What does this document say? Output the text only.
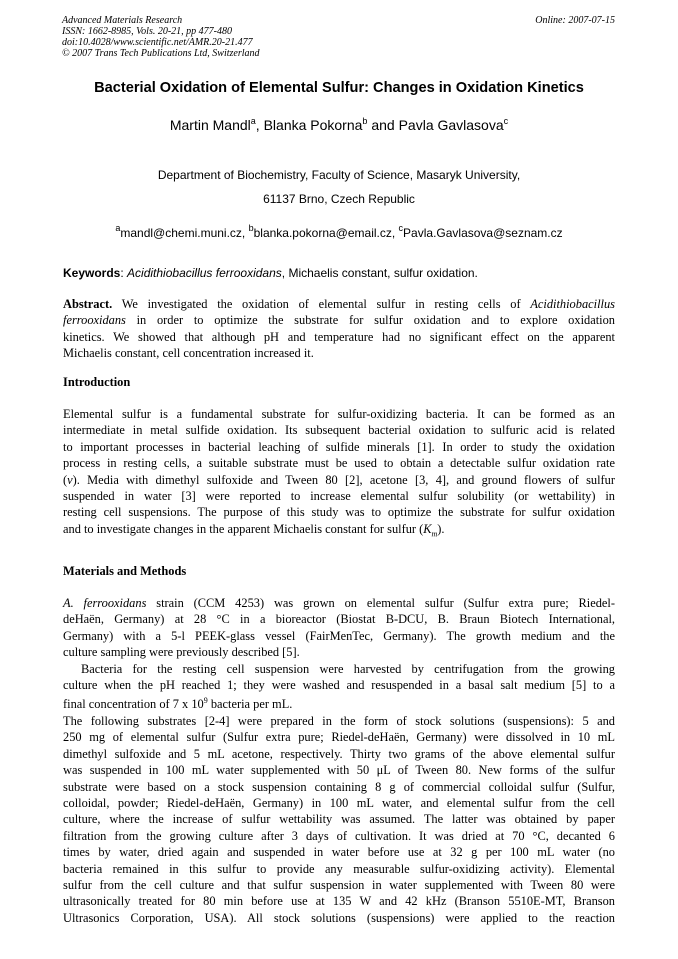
Advanced Materials Research
ISSN: 1662-8985, Vols. 20-21, pp 477-480
doi:10.4028/www.scientific.net/AMR.20-21.477
© 2007 Trans Tech Publications Ltd, Switzerland
Online: 2007-07-15
Bacterial Oxidation of Elemental Sulfur: Changes in Oxidation Kinetics
Martin Mandl$^a$, Blanka Pokorna$^b$ and Pavla Gavlasova$^c$
Department of Biochemistry, Faculty of Science, Masaryk University,
61137 Brno, Czech Republic
$^a$mandl@chemi.muni.cz, $^b$blanka.pokorna@email.cz, $^c$Pavla.Gavlasova@seznam.cz
Keywords: Acidithiobacillus ferrooxidans, Michaelis constant, sulfur oxidation.
Abstract. We investigated the oxidation of elemental sulfur in resting cells of Acidithiobacillus
ferrooxidans in order to optimize the substrate for sulfur oxidation and to explore oxidation
kinetics. We showed that although pH and temperature had no significant effect on the apparent
Michaelis constant, cell concentration increased it.
Introduction
Elemental sulfur is a fundamental substrate for sulfur-oxidizing bacteria. It can be formed as an
intermediate in metal sulfide oxidation. Its subsequent bacterial oxidation to sulfuric acid is related
to important processes in bacterial leaching of sulfide minerals [1]. In order to study the oxidation
process in resting cells, a suitable substrate must be used to obtain a detectable sulfur oxidation rate
(v). Media with dimethyl sulfoxide and Tween 80 [2], acetone [3, 4], and ground flowers of sulfur
suspended in water [3] were reported to increase elemental sulfur solubility (or wettability) in
resting cell suspensions. The purpose of this study was to optimize the substrate for sulfur oxidation
and to investigate changes in the apparent Michaelis constant for sulfur $(K_m)$.
Materials and Methods
A. ferrooxidans strain (CCM 4253) was grown on elemental sulfur (Sulfur extra pure; Riedel-
deHaën, Germany) at 28 °C in a bioreactor (Biostat B-DCU, B. Braun Biotech International,
Germany) with a 5-l PEEK-glass vessel (FairMenTec, Germany). The growth medium and the
culture sampling were previously described [5].
Bacteria for the resting cell suspension were harvested by centrifugation from the growing
culture when the pH reached 1; they were washed and resuspended in a basal salt medium [5] to a
final concentration of 7 x $10^9$ bacteria per mL.
The following substrates [2-4] were prepared in the form of stock solutions (suspensions): 5 and
250 mg of elemental sulfur (Sulfur extra pure; Riedel-deHaën, Germany) were dissolved in 10 mL
dimethyl sulfoxide and 5 mL acetone, respectively. Thirty two grams of the above elemental sulfur
was suspended in 100 mL water supplemented with 50 μL of Tween 80. New forms of the sulfur
substrate were based on a stock suspension containing 8 g of commercial colloidal sulfur (Sulfur,
colloidal, powder; Riedel-deHaën, Germany) in 100 mL water, and elemental sulfur from the cell
culture, where the increase of sulfur wettability was assumed. The latter was obtained by paper
filtration from the growing culture after 3 days of cultivation. It was dried at 70 °C, decanted 6
times by water, dried again and suspended in water before use at 32 g per 100 mL water (no
bacteria remained in this sulfur to provide any measurable sulfur-oxidizing activity). Elemental
sulfur from the cell culture and that sulfur suspension in water supplemented with Tween 80 were
ultrasonically treated for 80 min before use at 135 W and 42 kHz (Branson 5510E-MT, Branson
Ultrasonics Corporation, USA). All stock solutions (suspensions) were applied to the reaction
